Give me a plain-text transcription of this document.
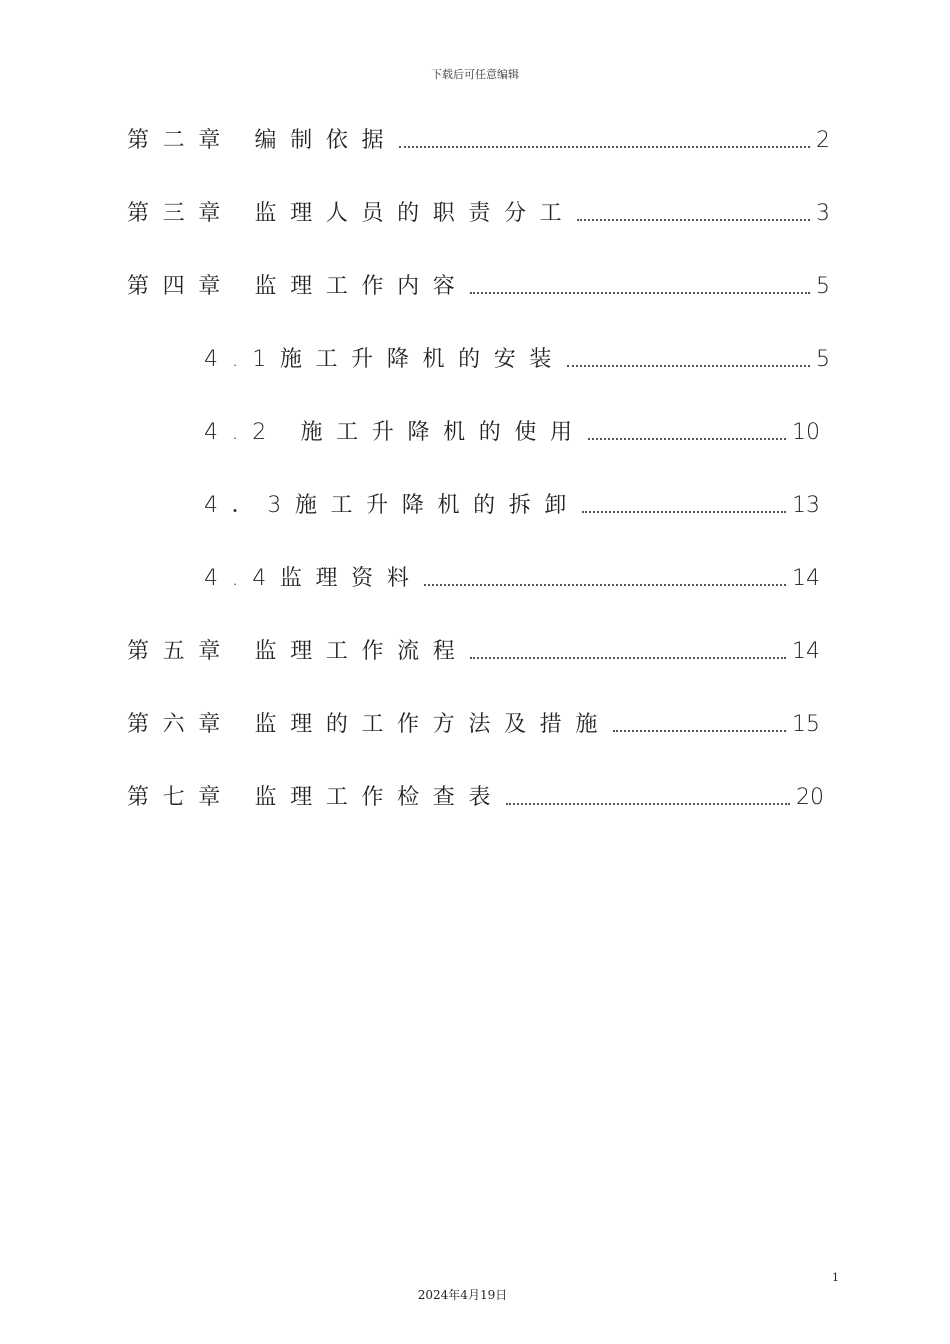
下载后可任意编辑
第二章 编制依据	2
第三章 监理人员的职责分工	3
第四章 监理工作内容	5
4.1施工升降机的安装	5
4.2 施工升降机的使用	10
4．3施工升降机的拆卸	13
4.4监理资料	14
第五章 监理工作流程	14
第六章 监理的工作方法及措施	15
第七章 监理工作检查表	20
1
2024年4月19日
